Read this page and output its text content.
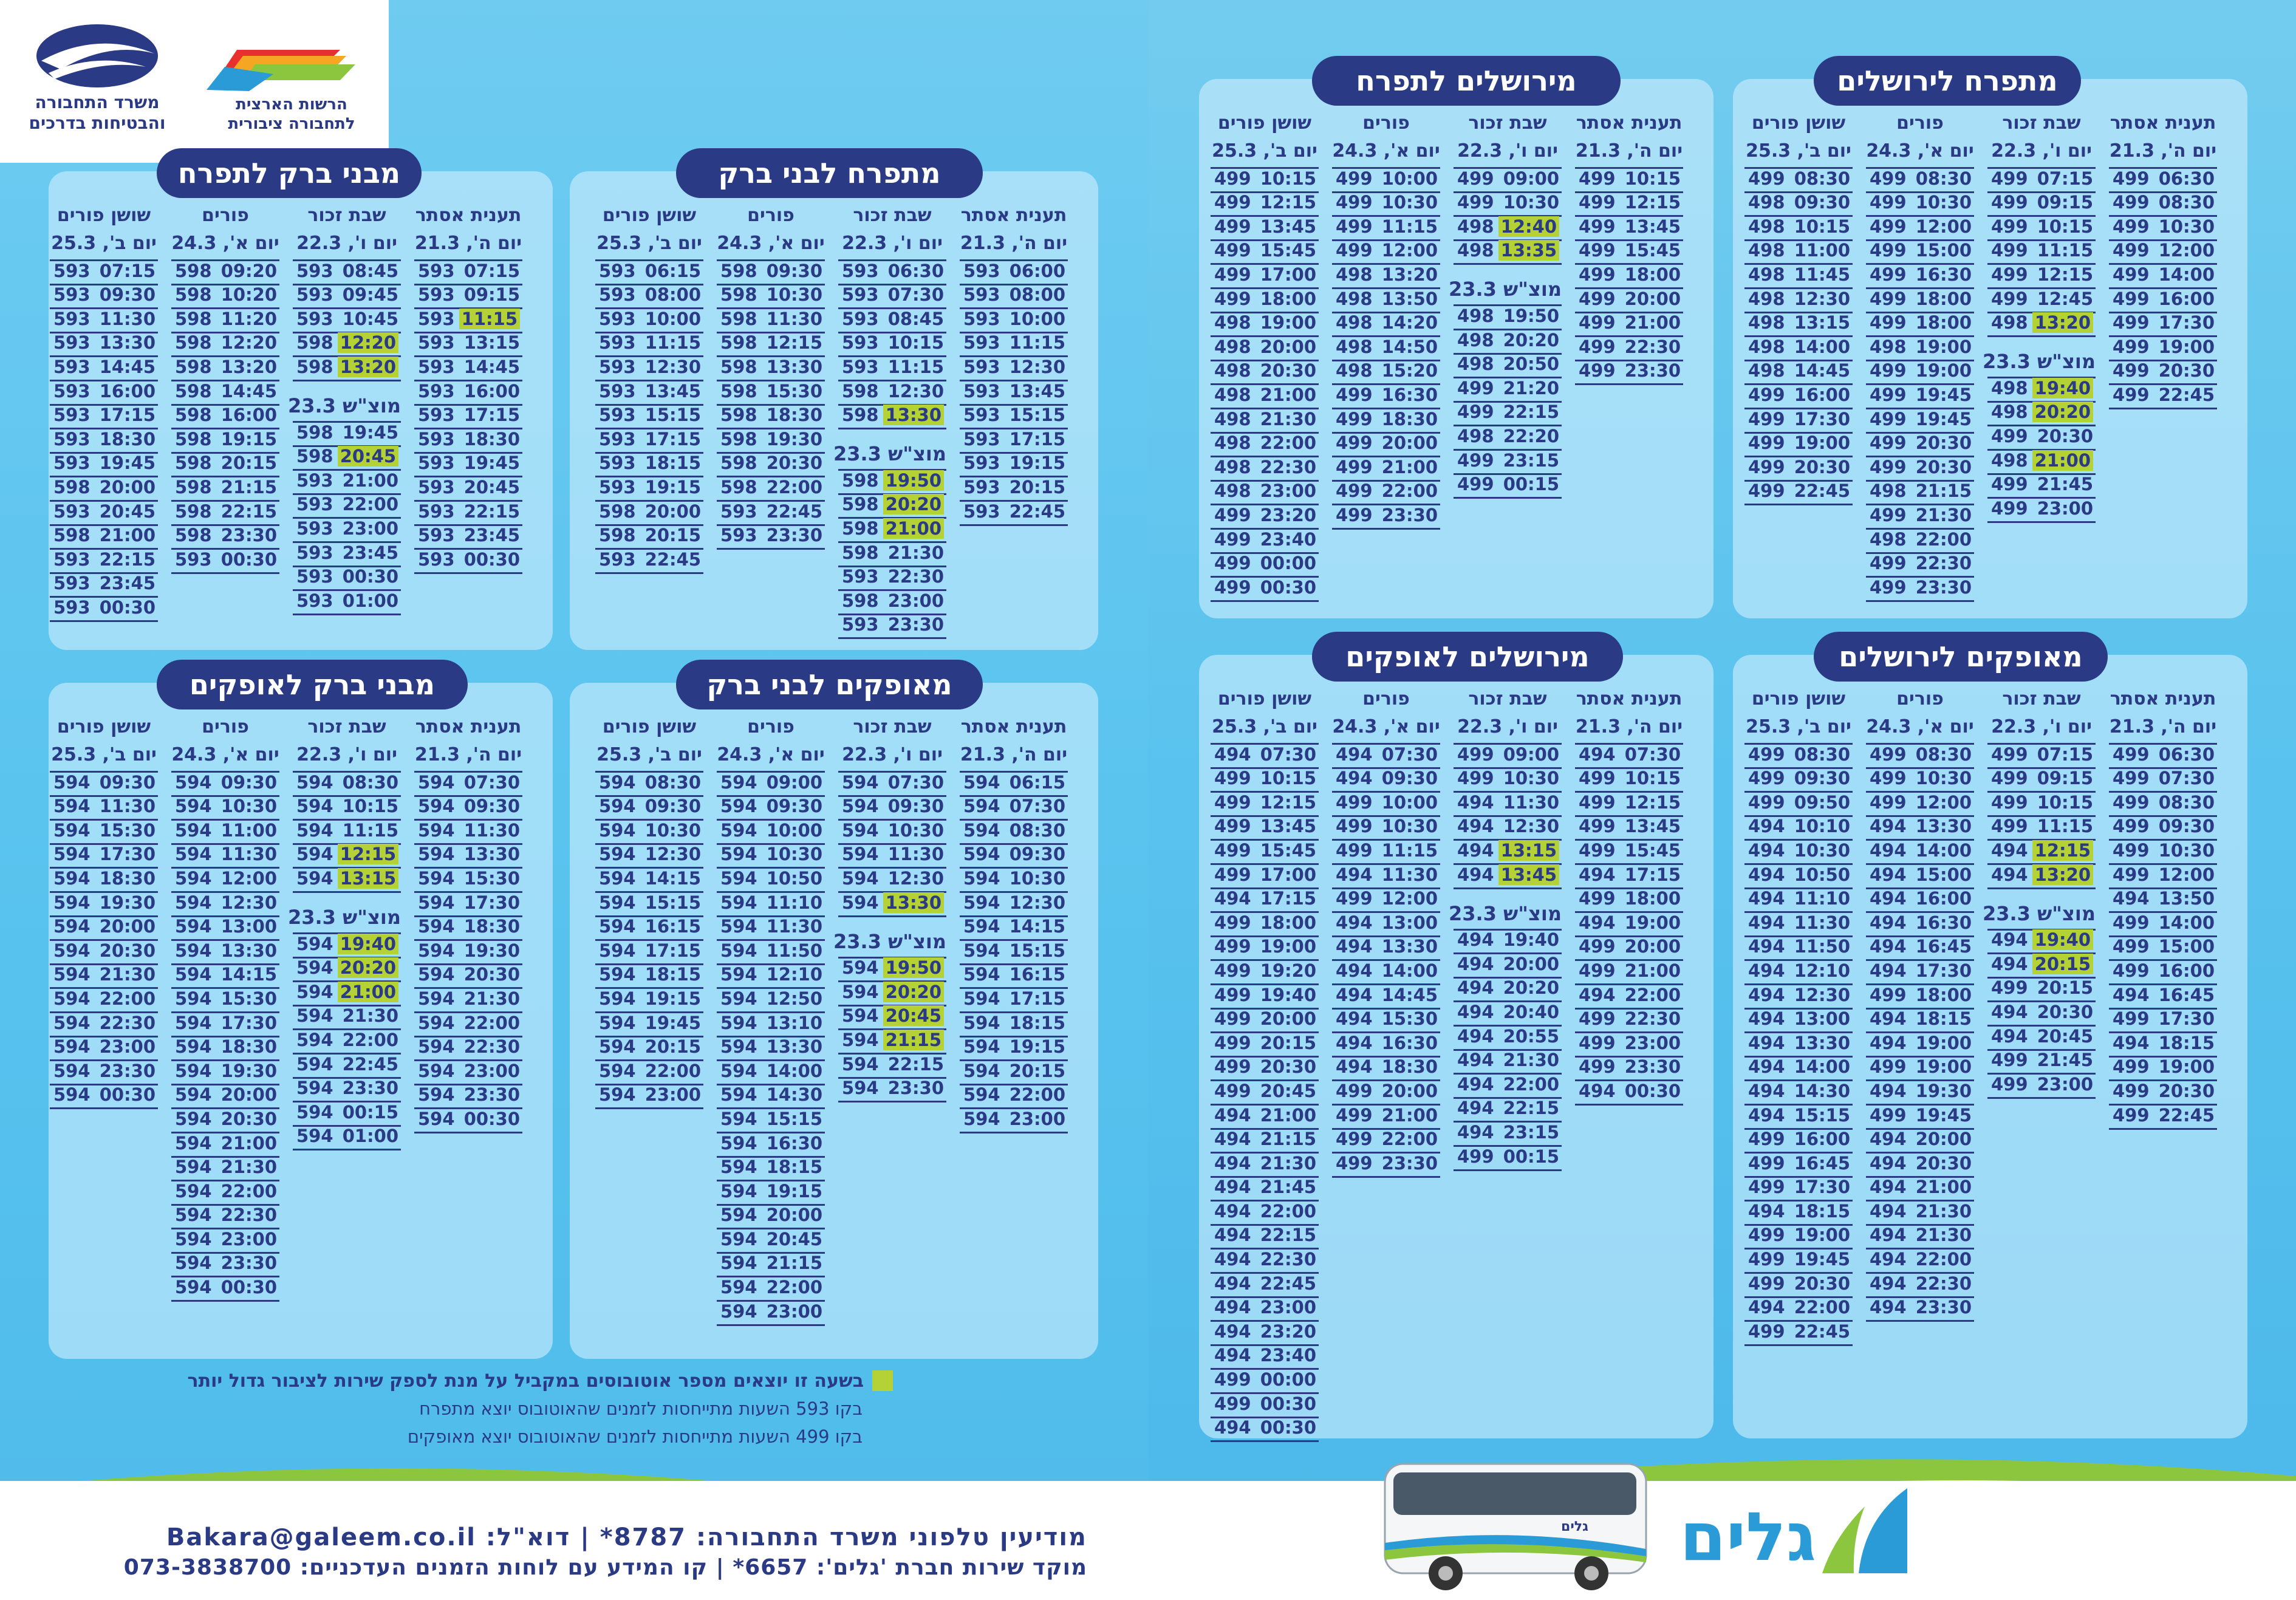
משרד התחבורה
והבטיחות בדרכים
הרשות הארצית
לתחבורה ציבורית
מתפרח לבני ברק
תענית אסתר
יום ה', 21.3
593 06:00
593 08:00
593 10:00
593 11:15
593 12:30
593 13:45
593 15:15
593 17:15
593 19:15
593 20:15
593 22:45
שבת זכור
יום ו', 22.3
593 06:30
593 07:30
593 08:45
593 10:15
593 11:15
598 12:30
598 13:30
מוצ"ש 23.3
598 19:50
598 20:20
598 21:00
598 21:30
593 22:30
598 23:00
593 23:30
פורים
יום א', 24.3
598 09:30
598 10:30
598 11:30
598 12:15
598 13:30
598 15:30
598 18:30
598 19:30
598 20:30
598 22:00
593 22:45
593 23:30
שושן פורים
יום ב', 25.3
593 06:15
593 08:00
593 10:00
593 11:15
593 12:30
593 13:45
593 15:15
593 17:15
593 18:15
593 19:15
598 20:00
598 20:15
593 22:45
מבני ברק לתפרח
תענית אסתר
יום ה', 21.3
593 07:15
593 09:15
593 11:15
593 13:15
593 14:45
593 16:00
593 17:15
593 18:30
593 19:45
593 20:45
593 22:15
593 23:45
593 00:30
שבת זכור
יום ו', 22.3
593 08:45
593 09:45
593 10:45
598 12:20
598 13:20
מוצ"ש 23.3
598 19:45
598 20:45
593 21:00
593 22:00
593 23:00
593 23:45
593 00:30
593 01:00
פורים
יום א', 24.3
598 09:20
598 10:20
598 11:20
598 12:20
598 13:20
598 14:45
598 16:00
598 19:15
598 20:15
598 21:15
598 22:15
598 23:30
593 00:30
שושן פורים
יום ב', 25.3
593 07:15
593 09:30
593 11:30
593 13:30
593 14:45
593 16:00
593 17:15
593 18:30
593 19:45
598 20:00
593 20:45
598 21:00
593 22:15
593 23:45
593 00:30
מאופקים לבני ברק
תענית אסתר
יום ה', 21.3
594 06:15
594 07:30
594 08:30
594 09:30
594 10:30
594 12:30
594 14:15
594 15:15
594 16:15
594 17:15
594 18:15
594 19:15
594 20:15
594 22:00
594 23:00
שבת זכור
יום ו', 22.3
594 07:30
594 09:30
594 10:30
594 11:30
594 12:30
594 13:30
מוצ"ש 23.3
594 19:50
594 20:20
594 20:45
594 21:15
594 22:15
594 23:30
פורים
יום א', 24.3
594 09:00
594 09:30
594 10:00
594 10:30
594 10:50
594 11:10
594 11:30
594 11:50
594 12:10
594 12:50
594 13:10
594 13:30
594 14:00
594 14:30
594 15:15
594 16:30
594 18:15
594 19:15
594 20:00
594 20:45
594 21:15
594 22:00
594 23:00
שושן פורים
יום ב', 25.3
594 08:30
594 09:30
594 10:30
594 12:30
594 14:15
594 15:15
594 16:15
594 17:15
594 18:15
594 19:15
594 19:45
594 20:15
594 22:00
594 23:00
מבני ברק לאופקים
תענית אסתר
יום ה', 21.3
594 07:30
594 09:30
594 11:30
594 13:30
594 15:30
594 17:30
594 18:30
594 19:30
594 20:30
594 21:30
594 22:00
594 22:30
594 23:00
594 23:30
594 00:30
שבת זכור
יום ו', 22.3
594 08:30
594 10:15
594 11:15
594 12:15
594 13:15
מוצ"ש 23.3
594 19:40
594 20:20
594 21:00
594 21:30
594 22:00
594 22:45
594 23:30
594 00:15
594 01:00
פורים
יום א', 24.3
594 09:30
594 10:30
594 11:00
594 11:30
594 12:00
594 12:30
594 13:00
594 13:30
594 14:15
594 15:30
594 17:30
594 18:30
594 19:30
594 20:00
594 20:30
594 21:00
594 21:30
594 22:00
594 22:30
594 23:00
594 23:30
594 00:30
שושן פורים
יום ב', 25.3
594 09:30
594 11:30
594 15:30
594 17:30
594 18:30
594 19:30
594 20:00
594 20:30
594 21:30
594 22:00
594 22:30
594 23:00
594 23:30
594 00:30
מתפרח לירושלים
תענית אסתר
יום ה', 21.3
499 06:30
499 08:30
499 10:30
499 12:00
499 14:00
499 16:00
499 17:30
499 19:00
499 20:30
499 22:45
שבת זכור
יום ו', 22.3
499 07:15
499 09:15
499 10:15
499 11:15
499 12:15
499 12:45
498 13:20
מוצ"ש 23.3
498 19:40
498 20:20
499 20:30
498 21:00
499 21:45
499 23:00
פורים
יום א', 24.3
499 08:30
499 10:30
499 12:00
499 15:00
499 16:30
499 18:00
499 18:00
498 19:00
499 19:00
499 19:45
499 19:45
499 20:30
499 20:30
498 21:15
499 21:30
498 22:00
499 22:30
499 23:30
שושן פורים
יום ב', 25.3
499 08:30
498 09:30
498 10:15
498 11:00
498 11:45
498 12:30
498 13:15
498 14:00
498 14:45
499 16:00
499 17:30
499 19:00
499 20:30
499 22:45
מירושלים לתפרח
תענית אסתר
יום ה', 21.3
499 10:15
499 12:15
499 13:45
499 15:45
499 18:00
499 20:00
499 21:00
499 22:30
499 23:30
שבת זכור
יום ו', 22.3
499 09:00
499 10:30
498 12:40
498 13:35
מוצ"ש 23.3
498 19:50
498 20:20
498 20:50
499 21:20
499 22:15
498 22:20
499 23:15
499 00:15
פורים
יום א', 24.3
499 10:00
499 10:30
499 11:15
499 12:00
498 13:20
498 13:50
498 14:20
498 14:50
498 15:20
499 16:30
499 18:30
499 20:00
499 21:00
499 22:00
499 23:30
שושן פורים
יום ב', 25.3
499 10:15
499 12:15
499 13:45
499 15:45
499 17:00
499 18:00
498 19:00
498 20:00
498 20:30
498 21:00
498 21:30
498 22:00
498 22:30
498 23:00
499 23:20
499 23:40
499 00:00
499 00:30
מאופקים לירושלים
תענית אסתר
יום ה', 21.3
499 06:30
499 07:30
499 08:30
499 09:30
499 10:30
499 12:00
494 13:50
499 14:00
499 15:00
499 16:00
494 16:45
499 17:30
494 18:15
499 19:00
499 20:30
499 22:45
שבת זכור
יום ו', 22.3
499 07:15
499 09:15
499 10:15
499 11:15
494 12:15
494 13:20
מוצ"ש 23.3
494 19:40
494 20:15
499 20:15
494 20:30
494 20:45
499 21:45
499 23:00
פורים
יום א', 24.3
499 08:30
499 10:30
499 12:00
494 13:30
494 14:00
494 15:00
494 16:00
494 16:30
494 16:45
494 17:30
499 18:00
494 18:15
494 19:00
499 19:00
494 19:30
499 19:45
494 20:00
494 20:30
494 21:00
494 21:30
494 21:30
494 22:00
494 22:30
494 23:30
שושן פורים
יום ב', 25.3
499 08:30
499 09:30
499 09:50
494 10:10
494 10:30
494 10:50
494 11:10
494 11:30
494 11:50
494 12:10
494 12:30
494 13:00
494 13:30
494 14:00
494 14:30
494 15:15
499 16:00
499 16:45
499 17:30
494 18:15
499 19:00
499 19:45
499 20:30
494 22:00
499 22:45
מירושלים לאופקים
תענית אסתר
יום ה', 21.3
494 07:30
499 10:15
499 12:15
499 13:45
499 15:45
494 17:15
499 18:00
494 19:00
499 20:00
499 21:00
494 22:00
499 22:30
499 23:00
499 23:30
494 00:30
שבת זכור
יום ו', 22.3
499 09:00
499 10:30
494 11:30
494 12:30
494 13:15
494 13:45
מוצ"ש 23.3
494 19:40
494 20:00
494 20:20
494 20:40
494 20:55
494 21:30
494 22:00
494 22:15
494 23:15
499 00:15
פורים
יום א', 24.3
494 07:30
494 09:30
499 10:00
499 10:30
499 11:15
494 11:30
499 12:00
494 13:00
494 13:30
494 14:00
494 14:45
494 15:30
494 16:30
494 18:30
499 20:00
499 21:00
499 22:00
499 23:30
שושן פורים
יום ב', 25.3
494 07:30
499 10:15
499 12:15
499 13:45
499 15:45
499 17:00
494 17:15
499 18:00
499 19:00
499 19:20
499 19:40
499 20:00
499 20:15
499 20:30
499 20:45
494 21:00
494 21:15
494 21:30
494 21:45
494 22:00
494 22:15
494 22:30
494 22:45
494 23:00
494 23:20
494 23:40
499 00:00
499 00:30
494 00:30
בשעה זו יוצאים מספר אוטובוסים במקביל על מנת לספק שירות לציבור גדול יותר
בקו 593 השעות מתייחסות לזמנים שהאוטובוס יוצא מתפרח
בקו 499 השעות מתייחסות לזמנים שהאוטובוס יוצא מאופקים
מודיעין טלפוני משרד התחבורה: 8787* | דוא"ל: Bakara@galeem.co.il
מוקד שירות חברת 'גלים': 6657* | קו המידע עם לוחות הזמנים העדכניים: 073-3838700
גלים גלים
